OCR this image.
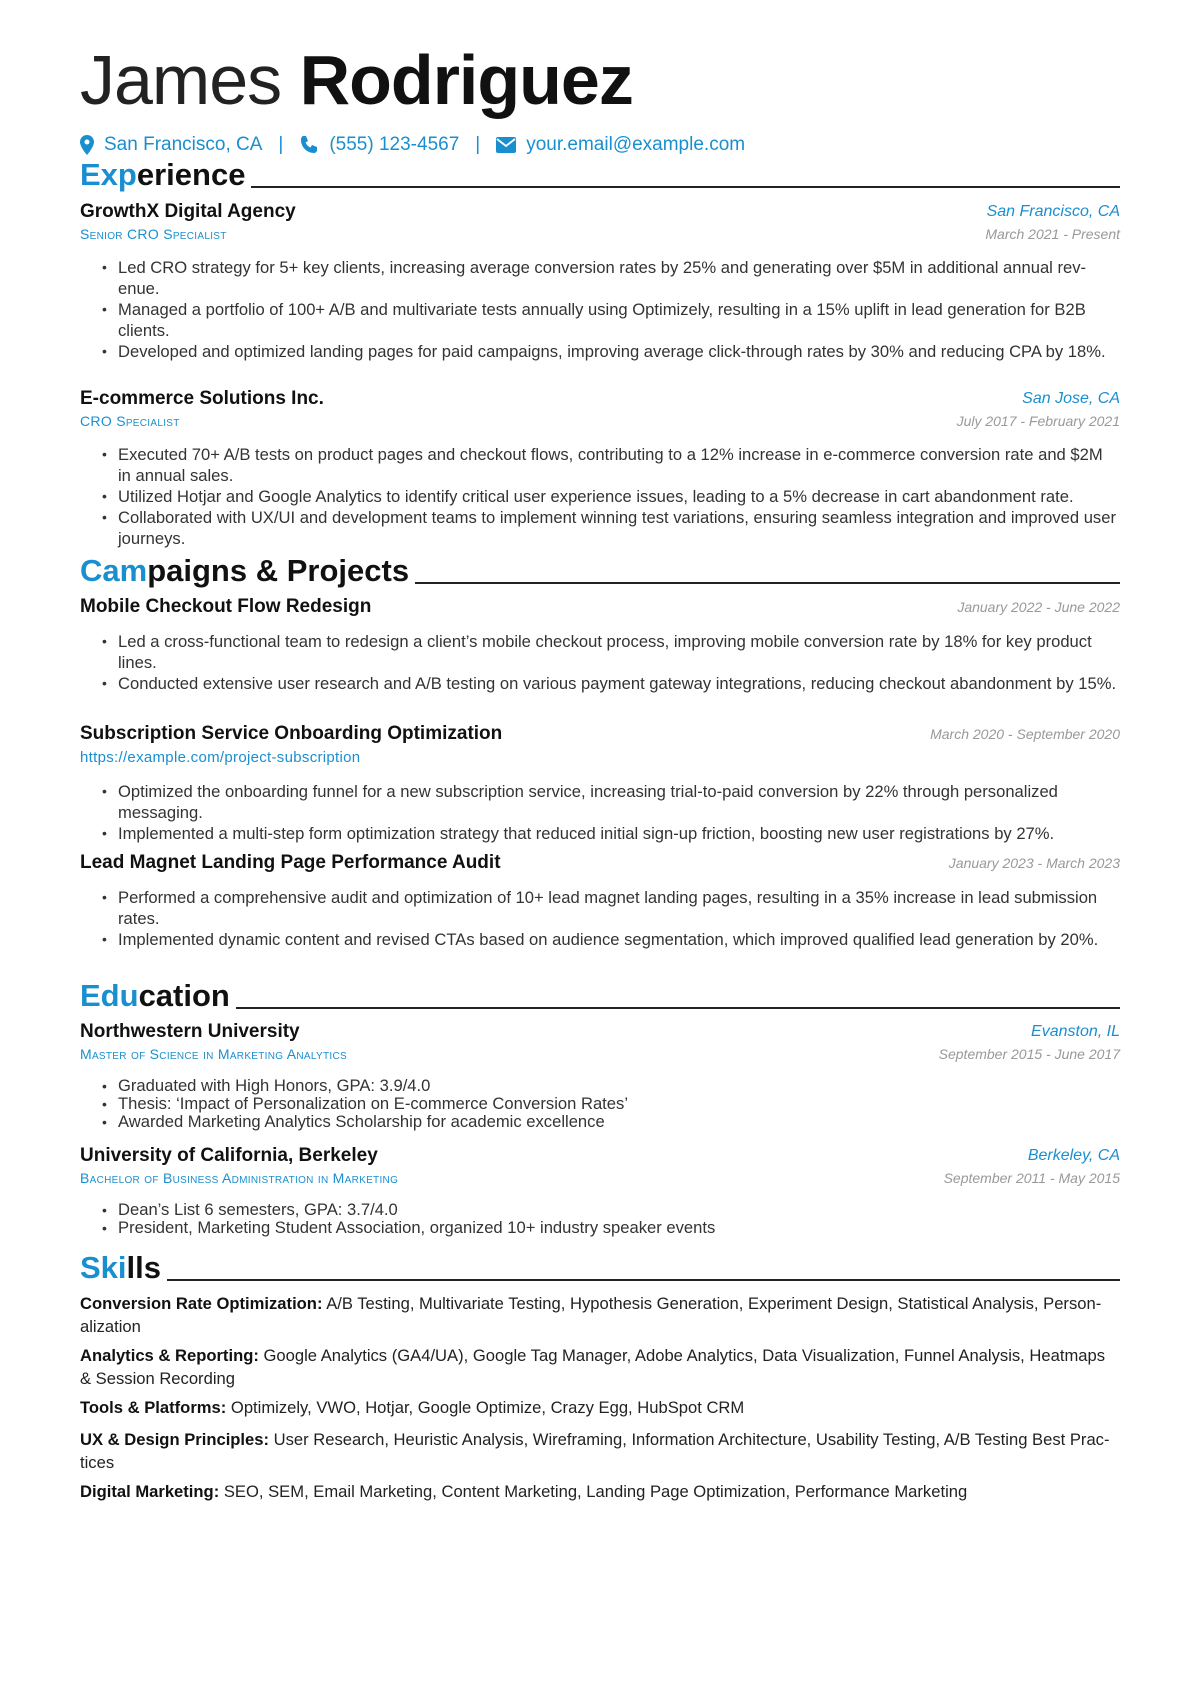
James Rodriguez
San Francisco, CA | (555) 123-4567 | your.email@example.com
Experience
GrowthX Digital Agency	San Francisco, CA
Senior CRO Specialist	March 2021 - Present
• Led CRO strategy for 5+ key clients, increasing average conversion rates by 25% and generating over $5M in additional annual rev-enue.
• Managed a portfolio of 100+ A/B and multivariate tests annually using Optimizely, resulting in a 15% uplift in lead generation for B2B clients.
• Developed and optimized landing pages for paid campaigns, improving average click-through rates by 30% and reducing CPA by 18%.
E-commerce Solutions Inc.	San Jose, CA
CRO Specialist	July 2017 - February 2021
• Executed 70+ A/B tests on product pages and checkout flows, contributing to a 12% increase in e-commerce conversion rate and $2M in annual sales.
• Utilized Hotjar and Google Analytics to identify critical user experience issues, leading to a 5% decrease in cart abandonment rate.
• Collaborated with UX/UI and development teams to implement winning test variations, ensuring seamless integration and improved user journeys.
Campaigns & Projects
Mobile Checkout Flow Redesign	January 2022 - June 2022
• Led a cross-functional team to redesign a client’s mobile checkout process, improving mobile conversion rate by 18% for key product lines.
• Conducted extensive user research and A/B testing on various payment gateway integrations, reducing checkout abandonment by 15%.
Subscription Service Onboarding Optimization	March 2020 - September 2020
https://example.com/project-subscription
• Optimized the onboarding funnel for a new subscription service, increasing trial-to-paid conversion by 22% through personalized messaging.
• Implemented a multi-step form optimization strategy that reduced initial sign-up friction, boosting new user registrations by 27%.
Lead Magnet Landing Page Performance Audit	January 2023 - March 2023
• Performed a comprehensive audit and optimization of 10+ lead magnet landing pages, resulting in a 35% increase in lead submission rates.
• Implemented dynamic content and revised CTAs based on audience segmentation, which improved qualified lead generation by 20%.
Education
Northwestern University	Evanston, IL
Master of Science in Marketing Analytics	September 2015 - June 2017
• Graduated with High Honors, GPA: 3.9/4.0
• Thesis: ‘Impact of Personalization on E-commerce Conversion Rates’
• Awarded Marketing Analytics Scholarship for academic excellence
University of California, Berkeley	Berkeley, CA
Bachelor of Business Administration in Marketing	September 2011 - May 2015
• Dean’s List 6 semesters, GPA: 3.7/4.0
• President, Marketing Student Association, organized 10+ industry speaker events
Skills
Conversion Rate Optimization: A/B Testing, Multivariate Testing, Hypothesis Generation, Experiment Design, Statistical Analysis, Person-alization
Analytics & Reporting: Google Analytics (GA4/UA), Google Tag Manager, Adobe Analytics, Data Visualization, Funnel Analysis, Heatmaps & Session Recording
Tools & Platforms: Optimizely, VWO, Hotjar, Google Optimize, Crazy Egg, HubSpot CRM
UX & Design Principles: User Research, Heuristic Analysis, Wireframing, Information Architecture, Usability Testing, A/B Testing Best Prac-tices
Digital Marketing: SEO, SEM, Email Marketing, Content Marketing, Landing Page Optimization, Performance Marketing
